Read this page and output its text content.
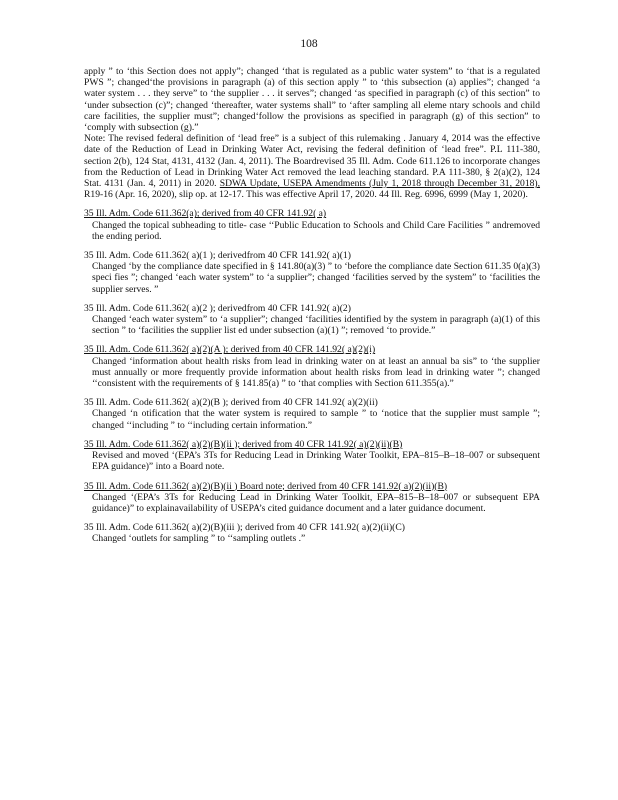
108

apply ” to ‘this Section does not apply”; changed ‘that is regulated as a public water system” to ‘that is a regulated PWS ”; changed‘the provisions in paragraph (a) of this section apply ” to ‘this subsection (a) applies”; changed ‘a water system . . . they serve” to ‘the supplier . . . it serves”; changed ‘as specified in paragraph (c) of this section” to ‘under subsection (c)”; changed ‘thereafter, water systems shall” to ‘after sampling all eleme ntary schools and child care facilities, the supplier must”; changed‘follow the provisions as specified in paragraph (g) of this section” to ‘comply with subsection (g).”

Note: The revised federal definition of ‘lead free” is a subject of this rulemaking . January 4, 2014 was the effective date of the Reduction of Lead in Drinking Water Act, revising the federal definition of ‘lead free”. P.L 111-380, section 2(b), 124 Stat, 4131, 4132 (Jan. 4, 2011). The Boardrevised 35 Ill. Adm. Code 611.126 to incorporate changes from the Reduction of Lead in Drinking Water Act removed the lead leaching standard. P.A 111-380, § 2(a)(2), 124 Stat. 4131 (Jan. 4, 2011) in 2020. SDWA Update, USEPA Amendments (July 1, 2018 through December 31, 2018), R19-16 (Apr. 16, 2020), slip op. at 12-17. This was effective April 17, 2020. 44 Ill. Reg. 6996, 6999 (May 1, 2020).

35 Ill. Adm. Code 611.362(a); derived from 40 CFR 141.92( a)

Changed the topical subheading to title- case ‘‘Public Education to Schools and Child Care Facilities ” andremoved the ending period.

35 Ill. Adm. Code 611.362( a)(1 ); derivedfrom 40 CFR 141.92( a)(1)

Changed ‘by the compliance date specified in § 141.80(a)(3) ” to ‘before the compliance date Section 611.35 0(a)(3) speci fies ”; changed ‘each water system” to ‘a supplier”; changed ‘facilities served by the system” to ‘facilities the supplier serves. ”

35 Ill. Adm. Code 611.362( a)(2 ); derivedfrom 40 CFR 141.92( a)(2)

Changed ‘each water system” to ‘a supplier”; changed ‘facilities identified by the system in paragraph (a)(1) of this section ” to ‘facilities the supplier list ed under subsection (a)(1) ”; removed ‘to provide.”

35 Ill. Adm. Code 611.362( a)(2)(A ); derived from 40 CFR 141.92( a)(2)(i)

Changed ‘information about health risks from lead in drinking water on at least an annual ba sis” to ‘the supplier must annually or more frequently provide information about health risks from lead in drinking water ”; changed ‘‘consistent with the requirements of § 141.85(a) ” to ‘that complies with Section 611.355(a).”

35 Ill. Adm. Code 611.362( a)(2)(B ); derived from 40 CFR 141.92( a)(2)(ii)

Changed ‘n otification that the water system is required to sample ” to ‘notice that the supplier must sample ”; changed ‘‘including ” to ‘‘including certain information.”

35 Ill. Adm. Code 611.362( a)(2)(B)(ii ); derived from 40 CFR 141.92( a)(2)(ii)(B)

Revised and moved ‘(EPA’s 3Ts for Reducing Lead in Drinking Water Toolkit, EPA–815–B–18–007 or subsequent EPA guidance)” into a Board note.

35 Ill. Adm. Code 611.362( a)(2)(B)(ii ) Board note; derived from 40 CFR 141.92( a)(2)(ii)(B)

Changed ‘(EPA’s 3Ts for Reducing Lead in Drinking Water Toolkit, EPA–815–B–18–007 or subsequent EPA guidance)” to explainavailability of USEPA’s cited guidance document and a later guidance document.

35 Ill. Adm. Code 611.362( a)(2)(B)(iii ); derived from 40 CFR 141.92( a)(2)(ii)(C)

Changed ‘outlets for sampling ” to ‘‘sampling outlets .”
